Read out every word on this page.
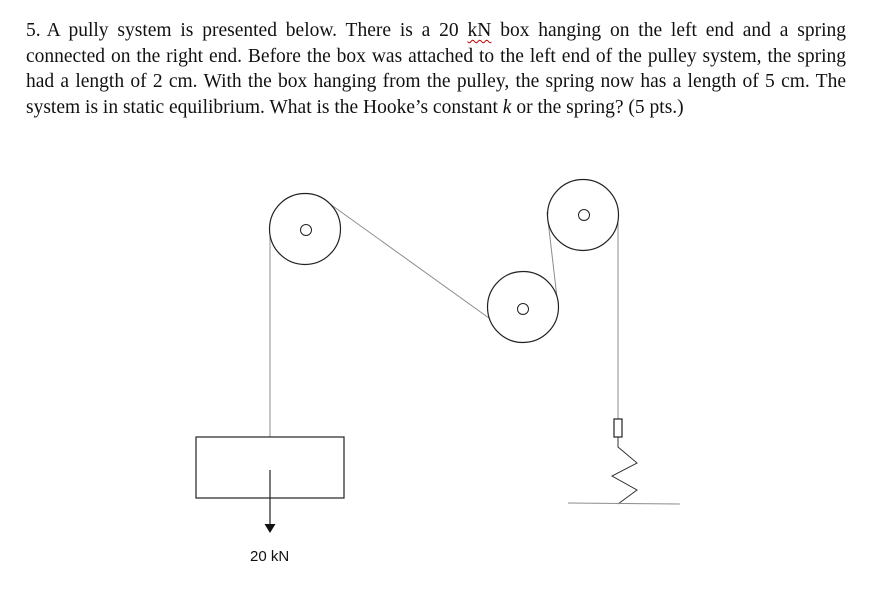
5. A pully system is presented below. There is a 20 kN box hanging on the left end and a spring connected on the right end. Before the box was attached to the left end of the pulley system, the spring had a length of 2 cm. With the box hanging from the pulley, the spring now has a length of 5 cm. The system is in static equilibrium. What is the Hooke’s constant k or the spring? (5 pts.)

20 kN
